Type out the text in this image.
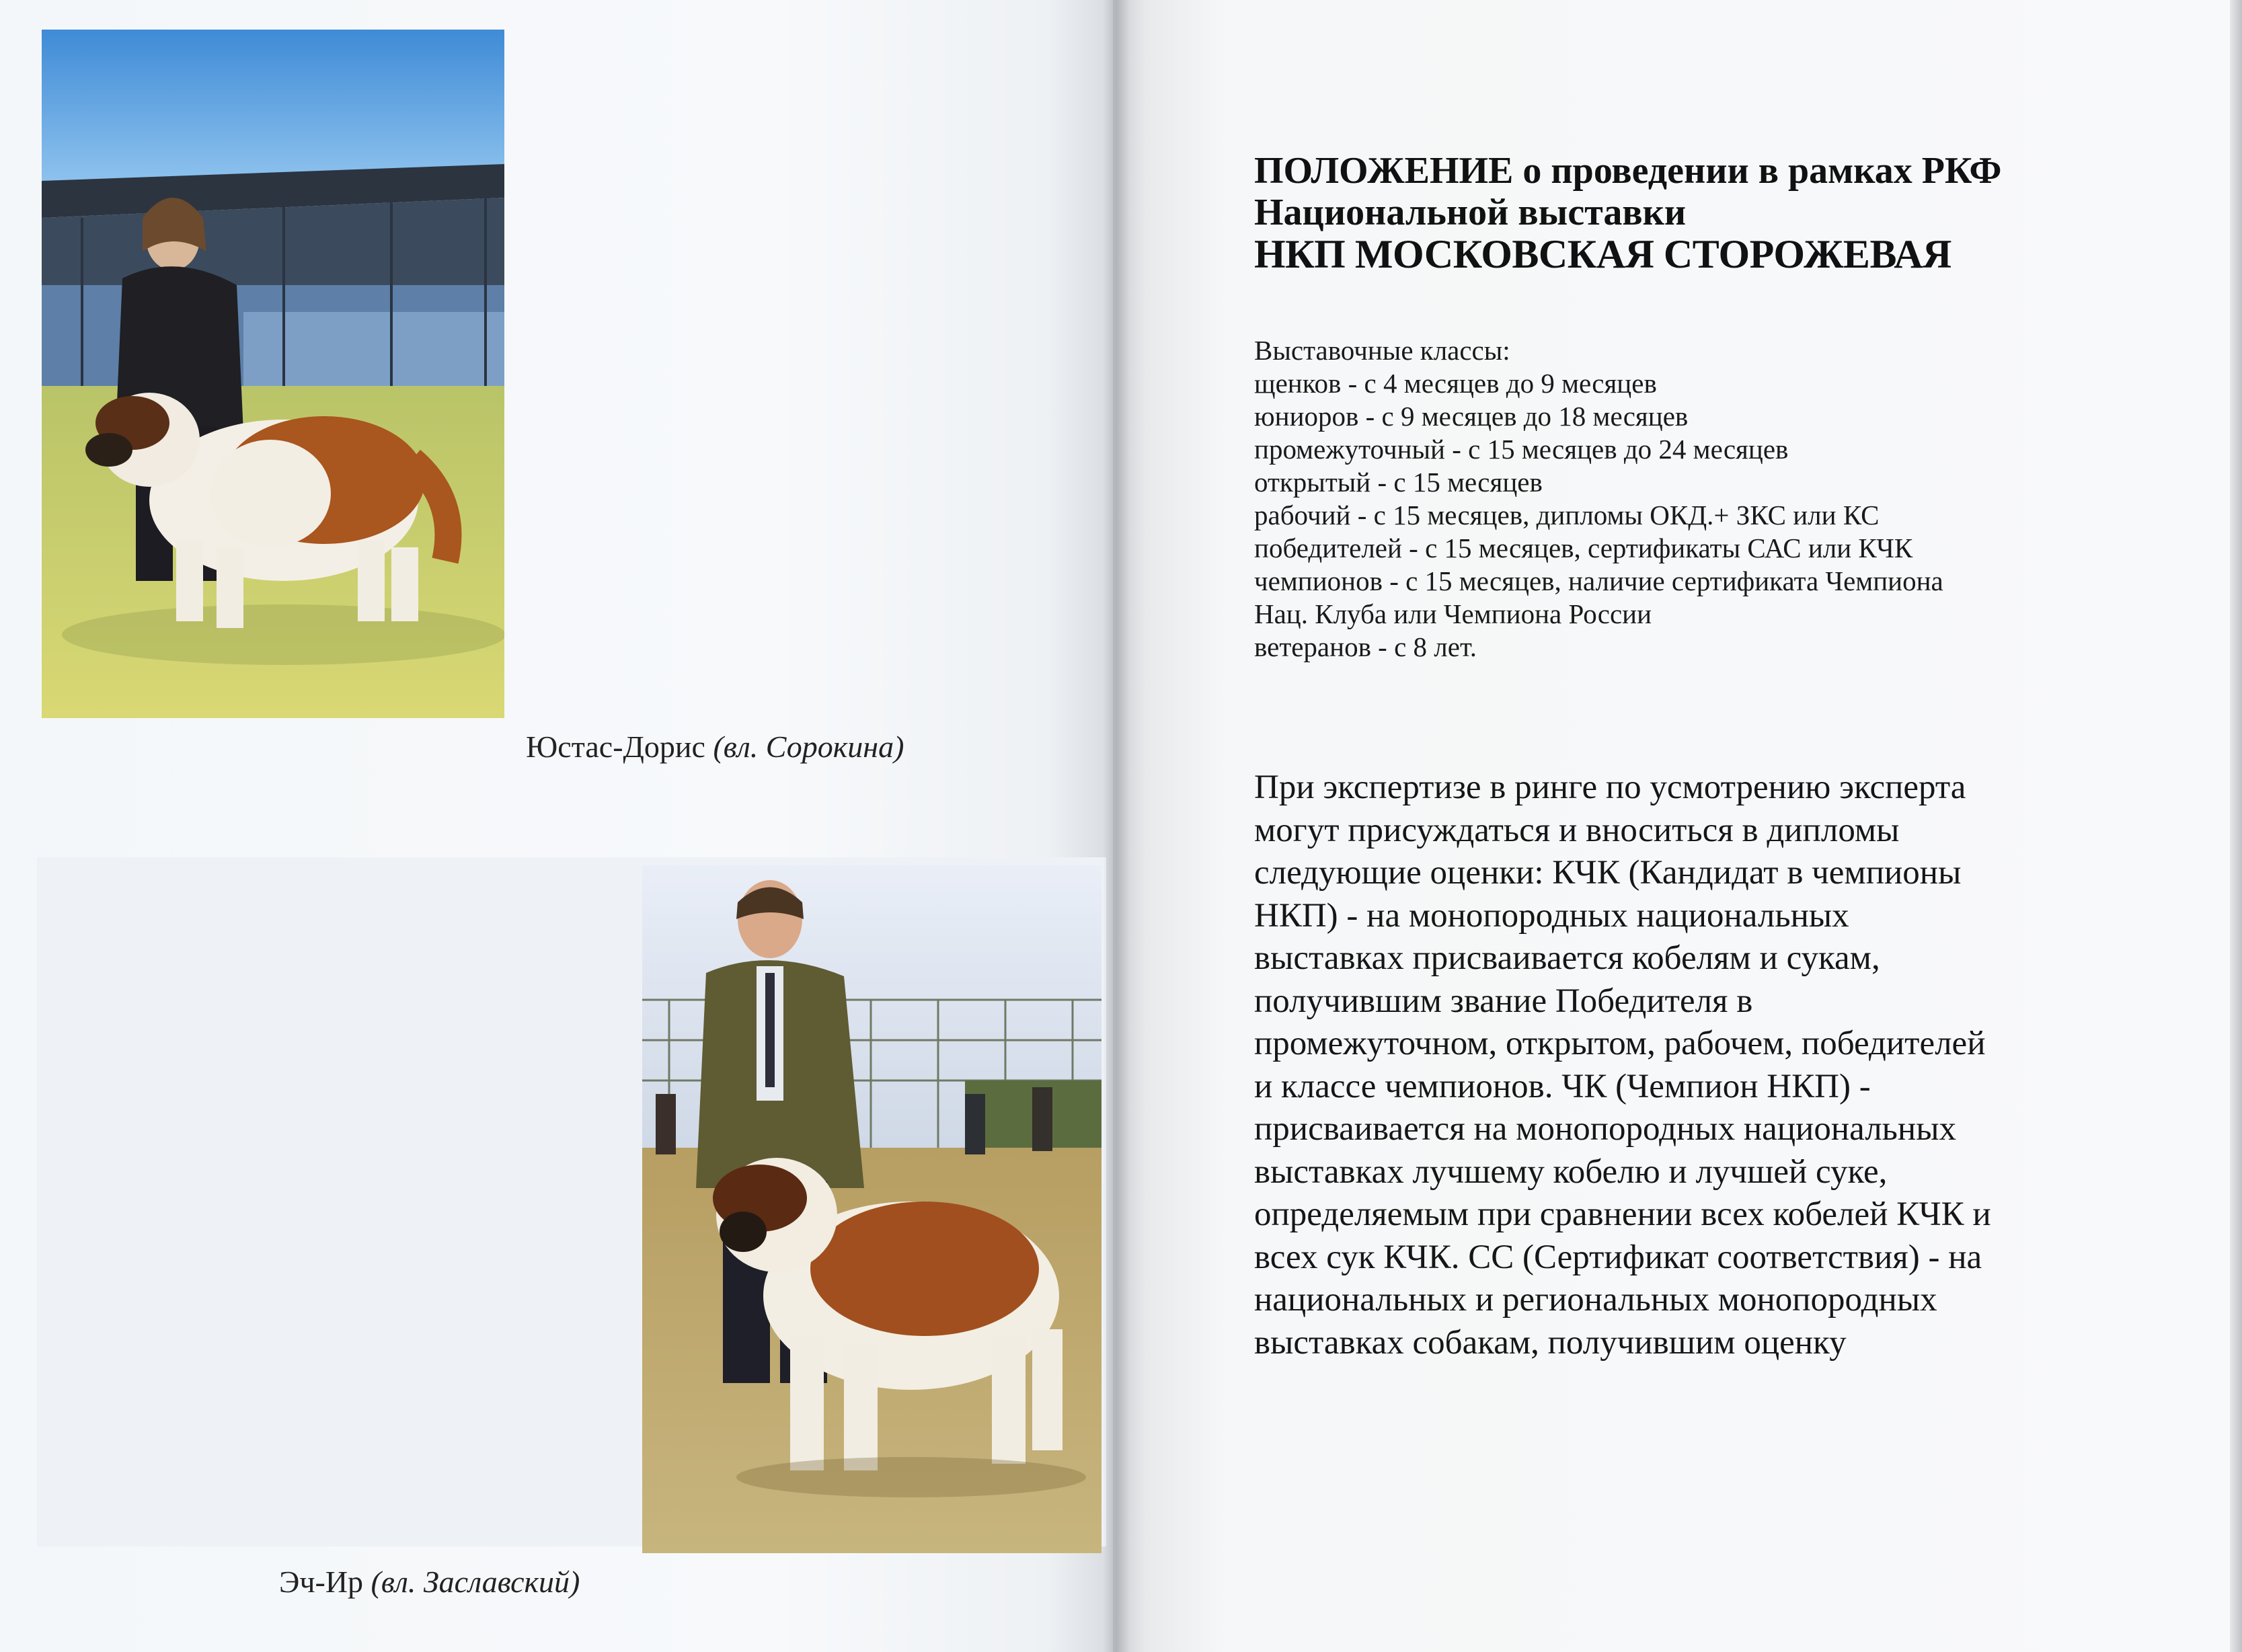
Юстас-Дорис (вл. Сорокина)
Эч-Ир (вл. Заславский)
ПОЛОЖЕНИЕ о проведении в рамках РКФ
Национальной выставки
НКП МОСКОВСКАЯ СТОРОЖЕВАЯ
Выставочные классы:
щенков - с 4 месяцев до 9 месяцев
юниоров - с 9 месяцев до 18 месяцев
промежуточный - с 15 месяцев до 24 месяцев
открытый - с 15 месяцев
рабочий - с 15 месяцев, дипломы ОКД.+ ЗКС или КС
победителей - с 15 месяцев, сертификаты САС или КЧК
чемпионов - с 15 месяцев, наличие сертификата Чемпиона
Нац. Клуба или Чемпиона России
ветеранов - с 8 лет.
При экспертизе в ринге по усмотрению эксперта
могут присуждаться и вноситься в дипломы
следующие оценки: КЧК (Кандидат в чемпионы
НКП) - на монопородных национальных
выставках присваивается кобелям и сукам,
получившим звание Победителя в
промежуточном, открытом, рабочем, победителей
и классе чемпионов. ЧК (Чемпион НКП) -
присваивается на монопородных национальных
выставках лучшему кобелю и лучшей суке,
определяемым при сравнении всех кобелей КЧК и
всех сук КЧК. СС (Сертификат соответствия) - на
национальных и региональных монопородных
выставках собакам, получившим оценку
